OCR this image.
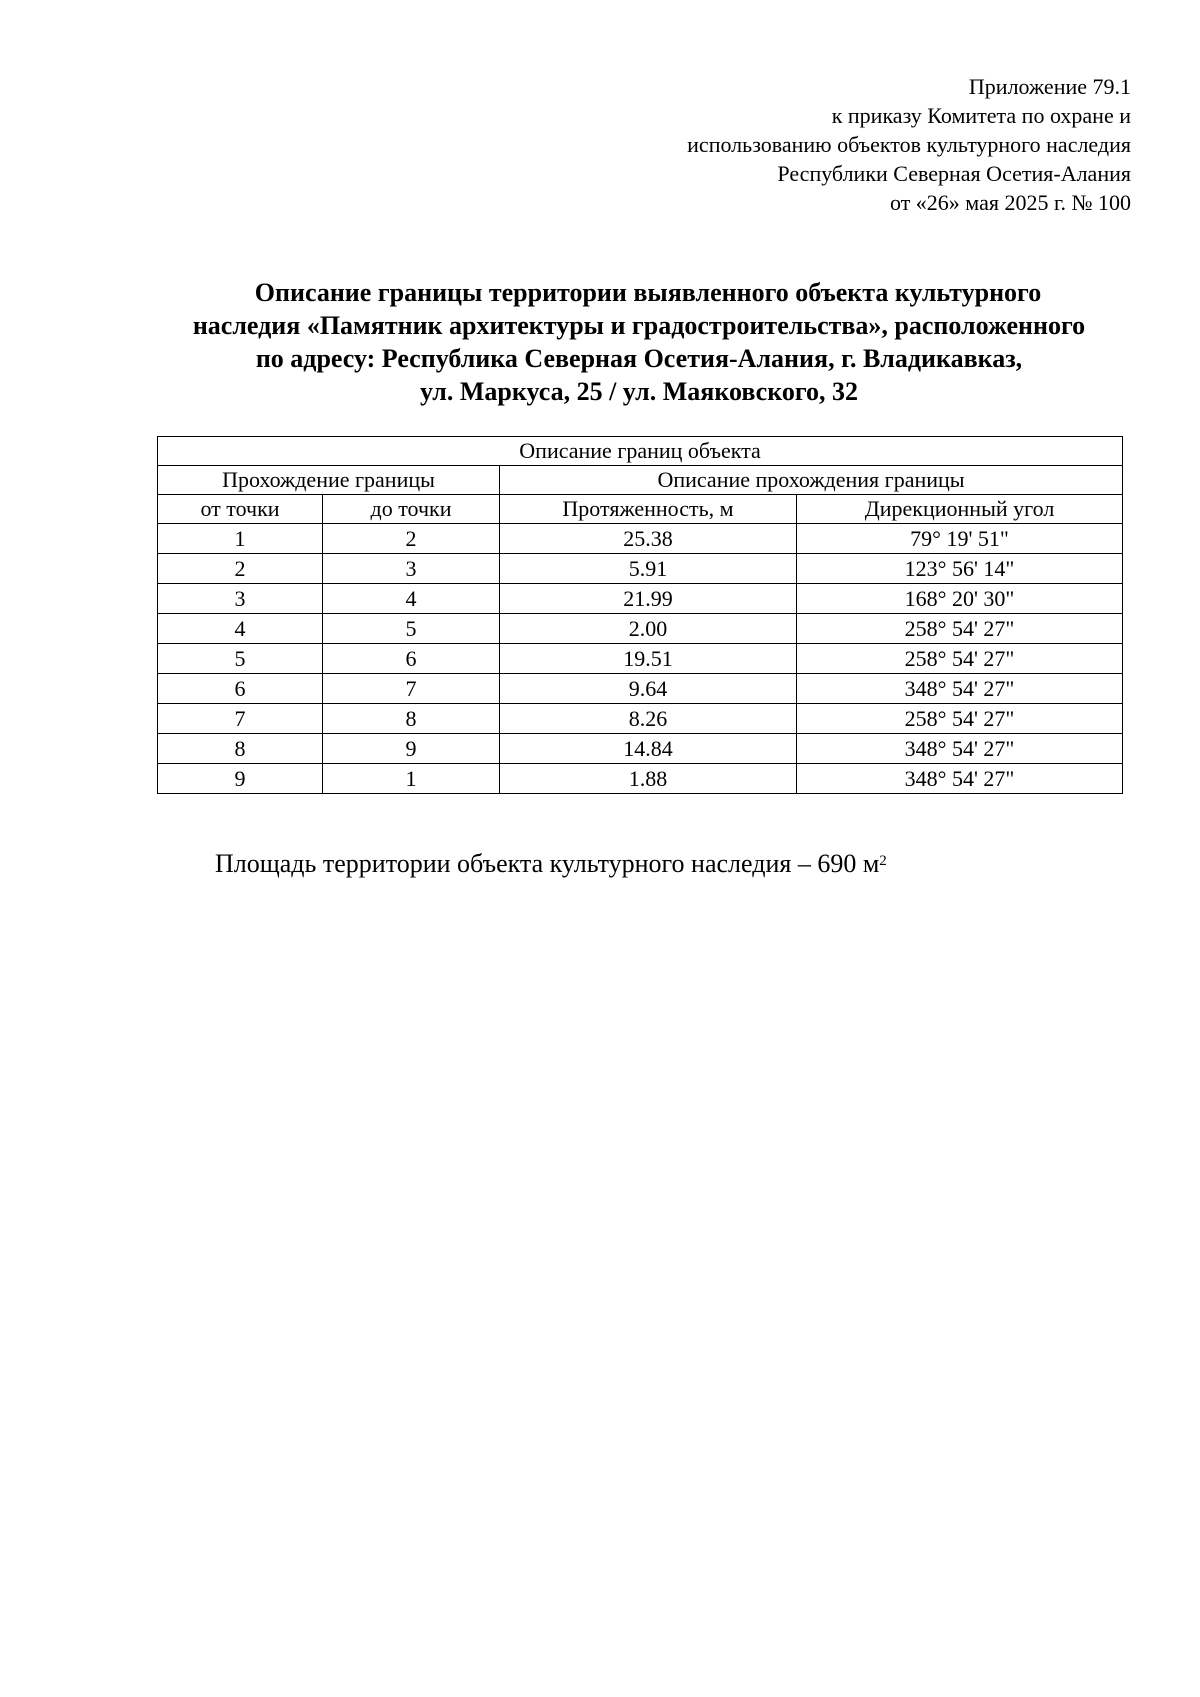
Приложение 79.1
к приказу Комитета по охране и
использованию объектов культурного наследия
Республики Северная Осетия-Алания
от «26» мая 2025 г. № 100
Описание границы территории выявленного объекта культурного
наследия «Памятник архитектуры и градостроительства», расположенного
по адресу: Республика Северная Осетия-Алания, г. Владикавказ,
ул. Маркуса, 25 / ул. Маяковского, 32
Описание границ объекта			
Прохождение границы		Описание прохождения границы	
от точки	до точки	Протяженность, м	Дирекционный угол
1	2	25.38	79° 19' 51"
2	3	5.91	123° 56' 14"
3	4	21.99	168° 20' 30"
4	5	2.00	258° 54' 27"
5	6	19.51	258° 54' 27"
6	7	9.64	348° 54' 27"
7	8	8.26	258° 54' 27"
8	9	14.84	348° 54' 27"
9	1	1.88	348° 54' 27"
Площадь территории объекта культурного наследия – 690 $м^2$
